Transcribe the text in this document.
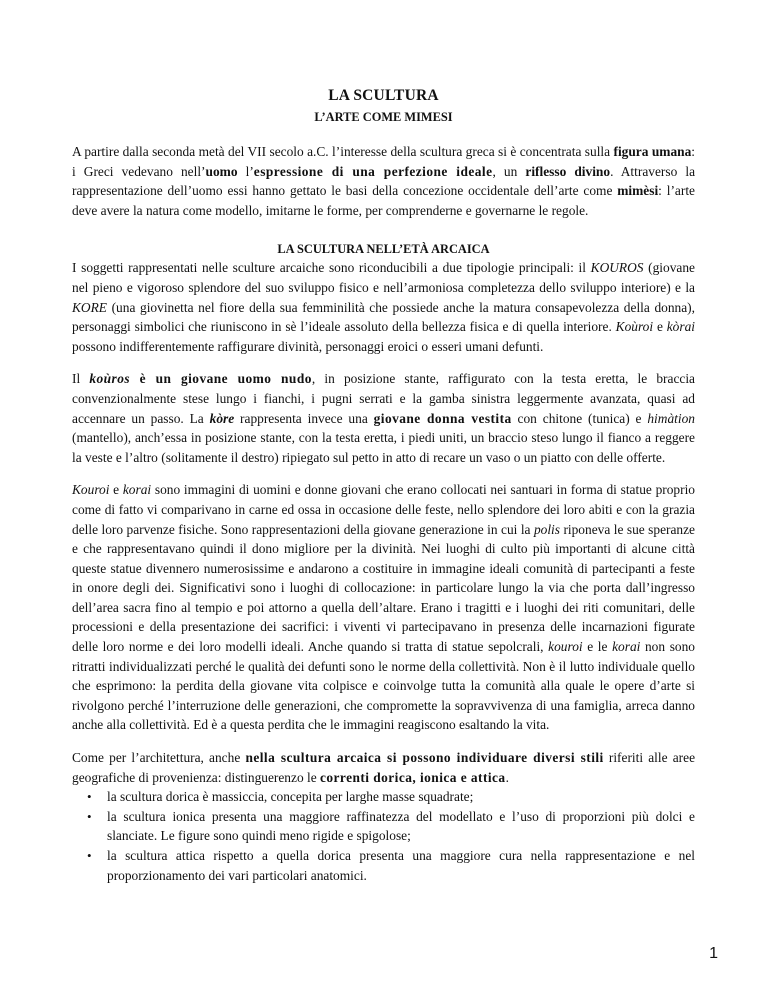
LA SCULTURA
L’ARTE COME MIMESI

A partire dalla seconda metà del VII secolo a.C. l’interesse della scultura greca si è concentrata sulla figura umana: i Greci vedevano nell’uomo l’espressione di una perfezione ideale, un riflesso divino. Attraverso la rappresentazione dell’uomo essi hanno gettato le basi della concezione occidentale dell’arte come mimèsi: l’arte deve avere la natura come modello, imitarne le forme, per comprenderne e governarne le regole.

LA SCULTURA NELL’ETÀ ARCAICA

I soggetti rappresentati nelle sculture arcaiche sono riconducibili a due tipologie principali: il KOUROS (giovane nel pieno e vigoroso splendore del suo sviluppo fisico e nell’armoniosa completezza dello sviluppo interiore) e la KORE (una giovinetta nel fiore della sua femminilità che possiede anche la matura consapevolezza della donna), personaggi simbolici che riuniscono in sè l’ideale assoluto della bellezza fisica e di quella interiore. Koùroi e kòrai possono indifferentemente raffigurare divinità, personaggi eroici o esseri umani defunti.

Il koùros è un giovane uomo nudo, in posizione stante, raffigurato con la testa eretta, le braccia convenzionalmente stese lungo i fianchi, i pugni serrati e la gamba sinistra leggermente avanzata, quasi ad accennare un passo. La kòre rappresenta invece una giovane donna vestita con chitone (tunica) e himàtion (mantello), anch’essa in posizione stante, con la testa eretta, i piedi uniti, un braccio steso lungo il fianco a reggere la veste e l’altro (solitamente il destro) ripiegato sul petto in atto di recare un vaso o un piatto con delle offerte.

Kouroi e korai sono immagini di uomini e donne giovani che erano collocati nei santuari in forma di statue proprio come di fatto vi comparivano in carne ed ossa in occasione delle feste, nello splendore dei loro abiti e con la grazia delle loro parvenze fisiche. Sono rappresentazioni della giovane generazione in cui la polis riponeva le sue speranze e che rappresentavano quindi il dono migliore per la divinità. Nei luoghi di culto più importanti di alcune città queste statue divennero numerosissime e andarono a costituire in immagine ideali comunità di partecipanti a feste in onore degli dei. Significativi sono i luoghi di collocazione: in particolare lungo la via che porta dall’ingresso dell’area sacra fino al tempio e poi attorno a quella dell’altare. Erano i tragitti e i luoghi dei riti comunitari, delle processioni e della presentazione dei sacrifici: i viventi vi partecipavano in presenza delle incarnazioni figurate delle loro norme e dei loro modelli ideali. Anche quando si tratta di statue sepolcrali, kouroi e le korai non sono ritratti individualizzati perché le qualità dei defunti sono le norme della collettività. Non è il lutto individuale quello che esprimono: la perdita della giovane vita colpisce e coinvolge tutta la comunità alla quale le opere d’arte si rivolgono perché l’interruzione delle generazioni, che compromette la sopravvivenza di una famiglia, arreca danno anche alla collettività. Ed è a questa perdita che le immagini reagiscono esaltando la vita.

Come per l’architettura, anche nella scultura arcaica si possono individuare diversi stili riferiti alle aree geografiche di provenienza: distinguerenzo le correnti dorica, ionica e attica.

• la scultura dorica è massiccia, concepita per larghe masse squadrate;
• la scultura ionica presenta una maggiore raffinatezza del modellato e l’uso di proporzioni più dolci e slanciate. Le figure sono quindi meno rigide e spigolose;
• la scultura attica rispetto a quella dorica presenta una maggiore cura nella rappresentazione e nel proporzionamento dei vari particolari anatomici.
1
